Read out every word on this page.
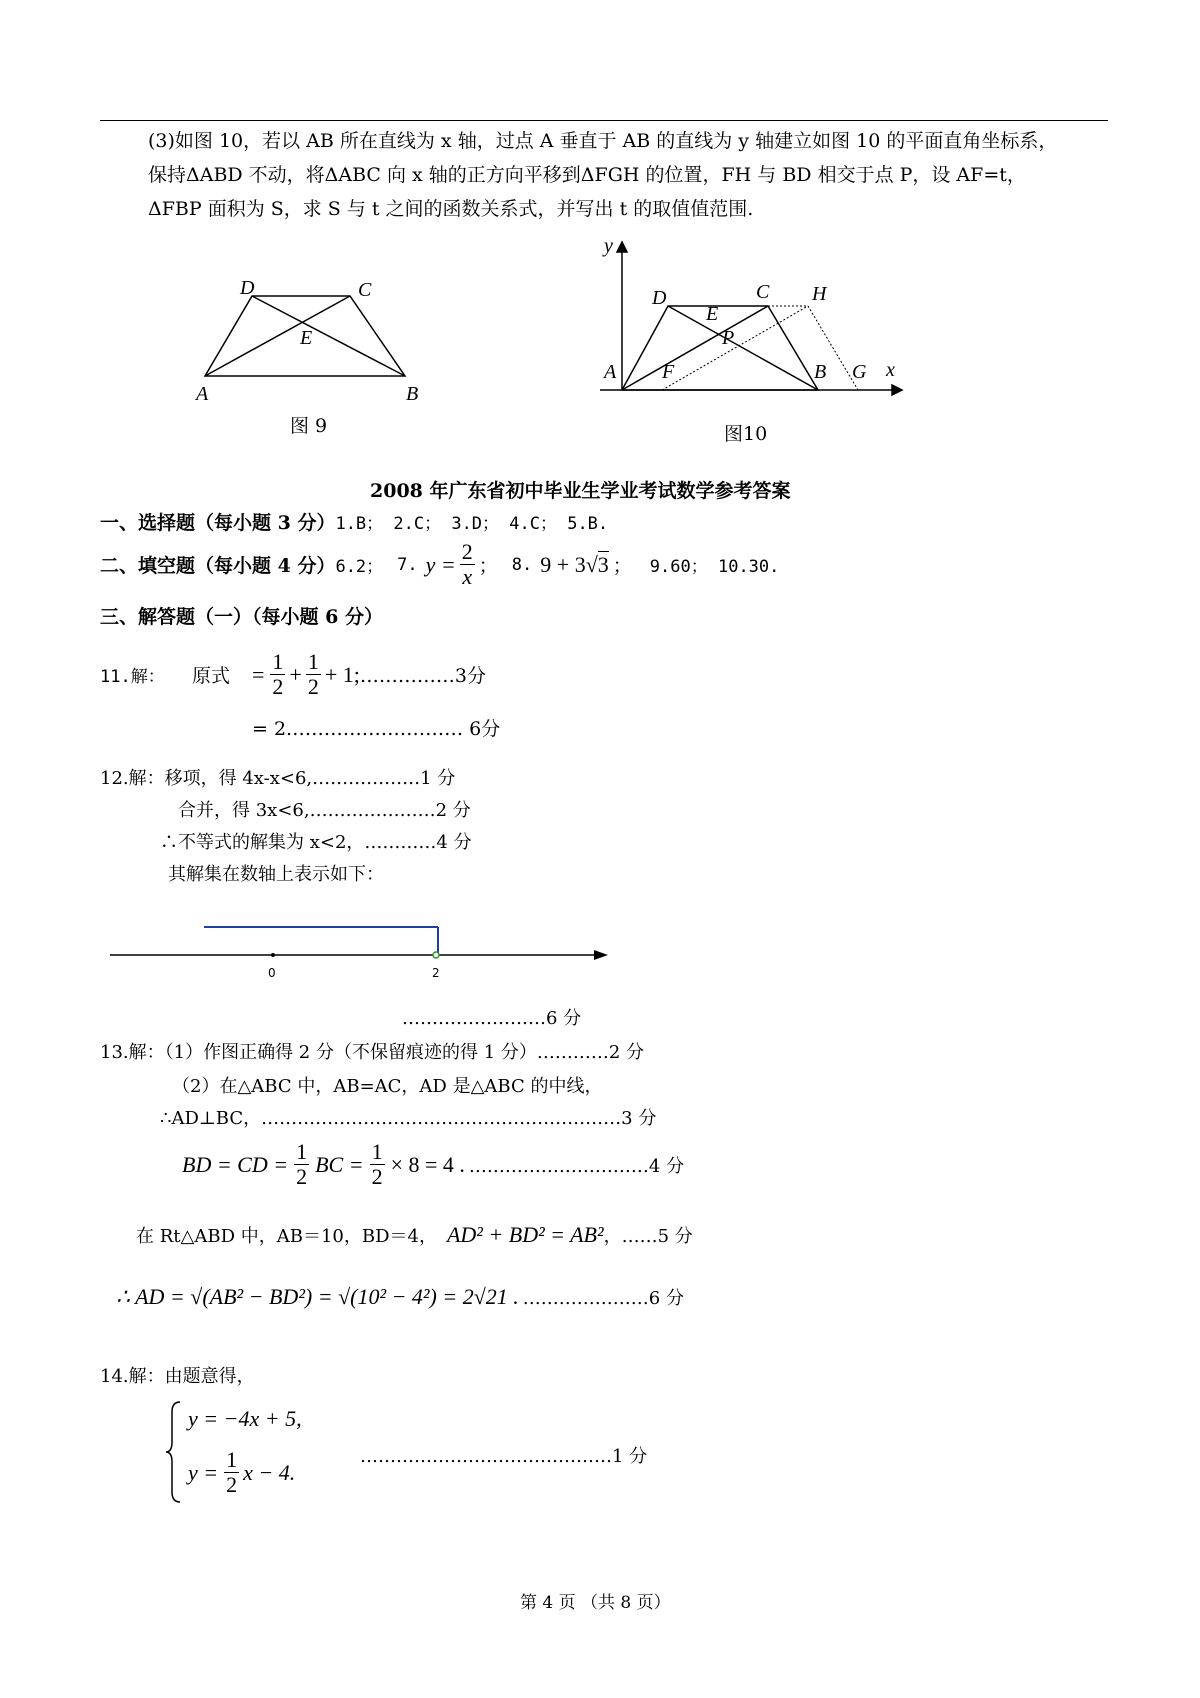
(3)如图 10，若以 AB 所在直线为 x 轴，过点 A 垂直于 AB 的直线为 y 轴建立如图 10 的平面直角坐标系，
保持ΔABD 不动，将ΔABC 向 x 轴的正方向平移到ΔFGH 的位置，FH 与 BD 相交于点 P，设 AF=t，
ΔFBP 面积为 S，求 S 与 t 之间的函数关系式，并写出 t 的取值值范围.
D	C
E
A	B
图 9
y
D	C H
E
P
A F	B G x
图10
2008 年广东省初中毕业生学业考试数学参考答案
一、选择题（每小题 3 分）1.B； 2.C； 3.D； 4.C； 5.B.
二、填空题（每小题 4 分） 6.2； 7. $y = \frac{2}{x}$ ； 8. 9 + 3 √3 ； 9.60； 10.30.
三、解答题（一）（每小题 6 分）
11.解：	原式 = $\frac{1}{2} + \frac{1}{2} + 1$; ……………3分
= 2.……………………… 6分
12.解：移项，得 4x-x<6,………………1 分
合并，得 3x<6,…………………2 分
∴不等式的解集为 x<2，…………4 分
其解集在数轴上表示如下：
0	2
……………………6 分
13.解：（1）作图正确得 2 分（不保留痕迹的得 1 分）…………2 分
（2）在△ABC 中，AB=AC，AD 是△ABC 的中线，
∴AD⊥BC，……………………………………………………3 分
BD = CD = $\frac{1}{2}$ BC = $\frac{1}{2} \times 8 = 4$ . …………………………4 分
在 Rt△ABD 中，AB＝10，BD＝4， AD² + BD² = AB² ，……5 分
∴ AD = √(AB² − BD²) = √(10² − 4²) = 2√21 . …………………6 分
14.解：由题意得，
y = −4x + 5,
$y = \frac{1}{2}$ x − 4.
……………………………………1 分
第 4 页 （共 8 页）
